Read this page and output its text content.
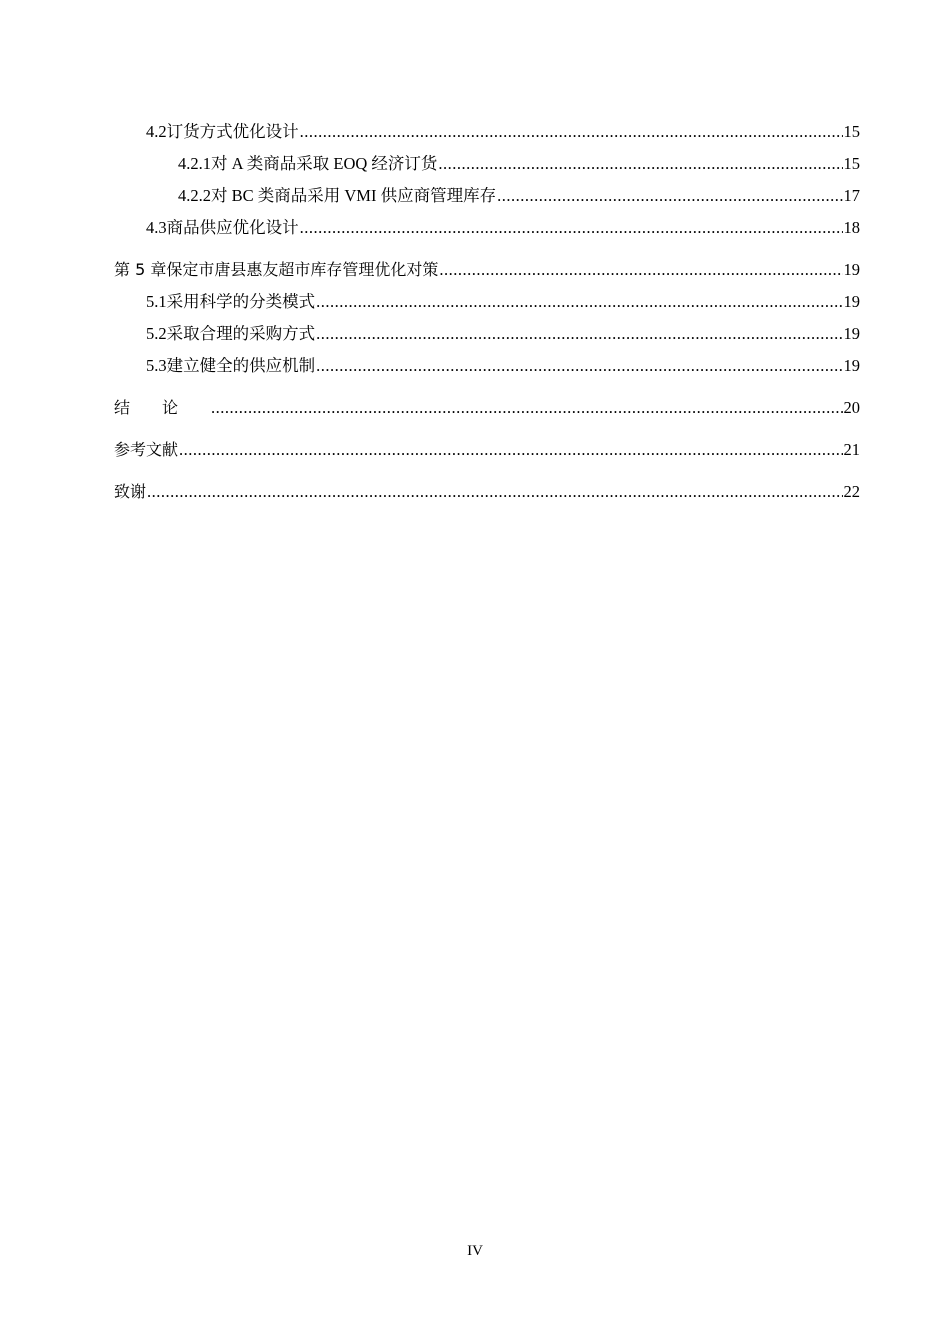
4.2 订货方式优化设计 .....	15
4.2.1 对 A 类商品采取 EOQ 经济订货 .....	15
4.2.2 对 BC 类商品采用 VMI 供应商管理库存 .....	17
4.3 商品供应优化设计 .....	18
第 5 章 保定市唐县惠友超市库存管理优化对策 .....	19
5.1 采用科学的分类模式 .....	19
5.2 采取合理的采购方式 .....	19
5.3 建立健全的供应机制 .....	19
结论 .....	20
参考文献 .....	21
致谢 .....	22
IV
